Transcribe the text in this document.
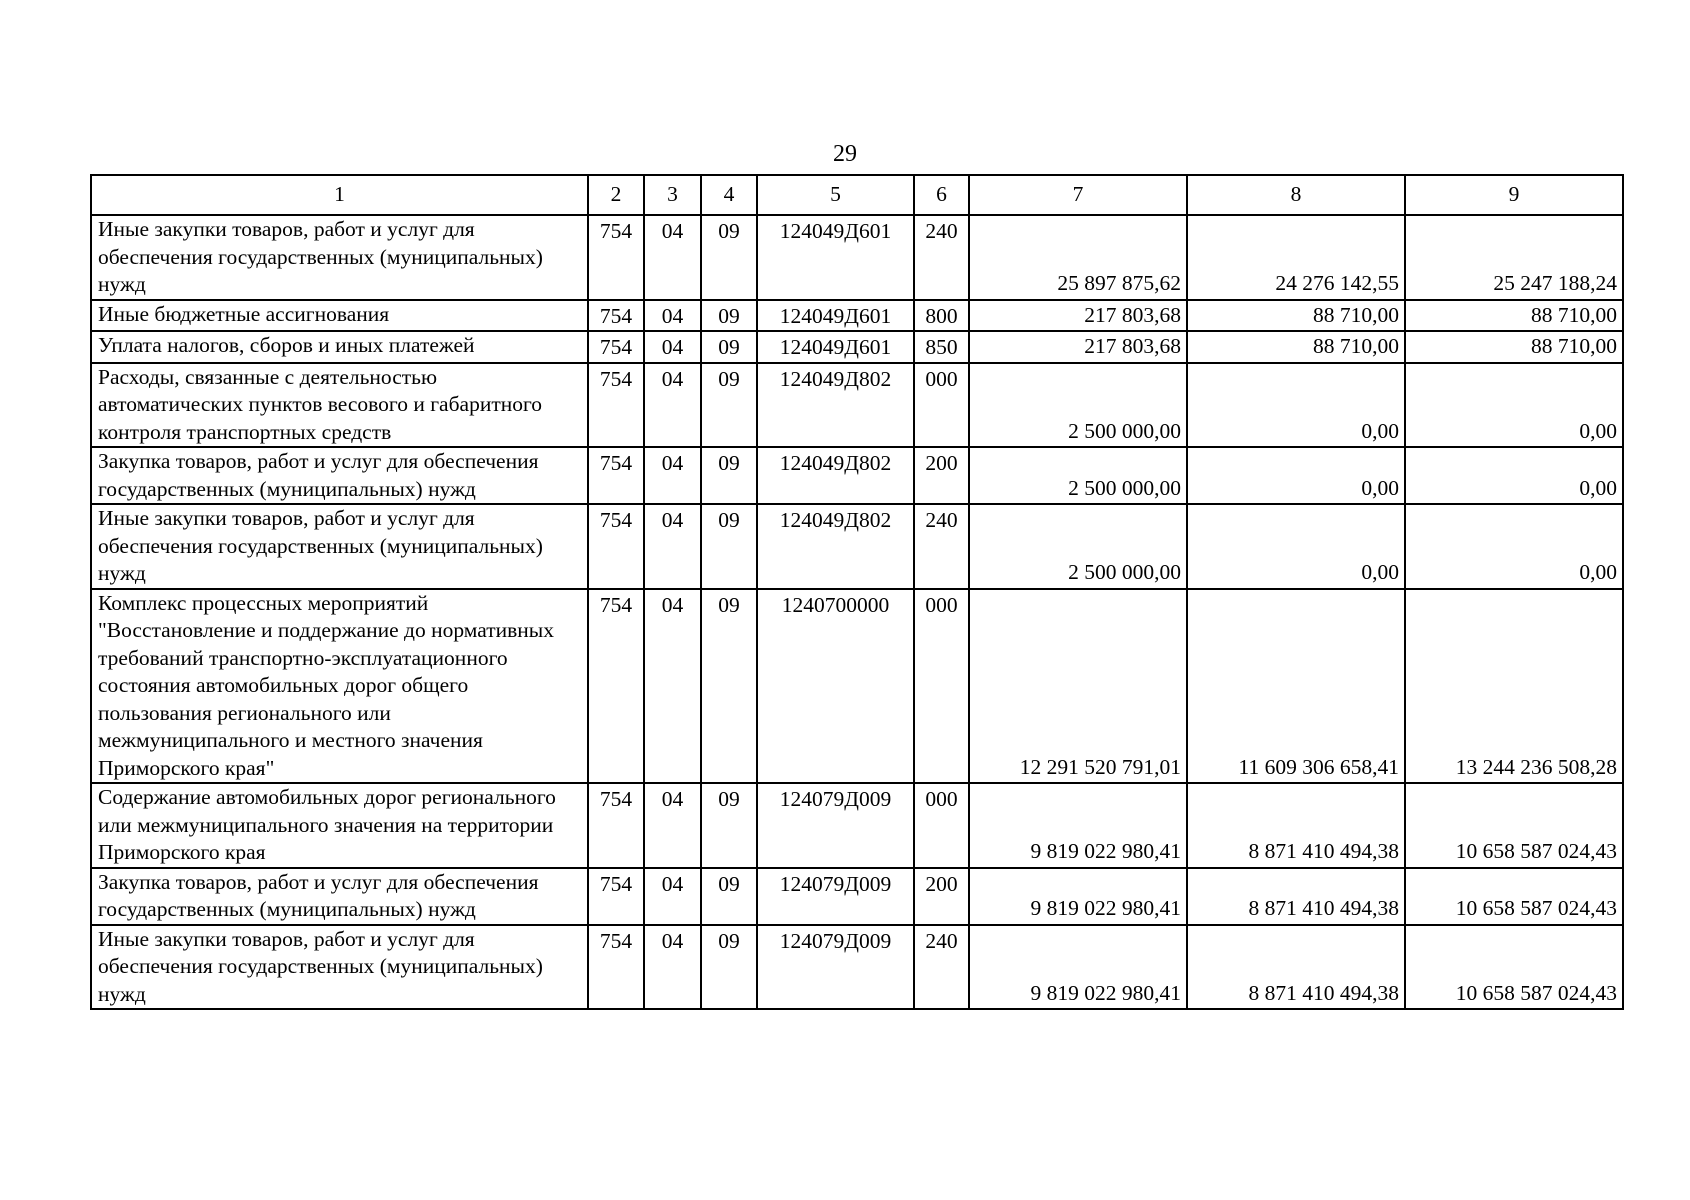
29
1	2	3	4	5	6	7	8	9
Иные закупки товаров, работ и услуг для обеспечения государственных (муниципальных) нужд	754	04	09	124049Д601	240	25 897 875,62	24 276 142,55	25 247 188,24
Иные бюджетные ассигнования	754	04	09	124049Д601	800	217 803,68	88 710,00	88 710,00
Уплата налогов, сборов и иных платежей	754	04	09	124049Д601	850	217 803,68	88 710,00	88 710,00
Расходы, связанные с деятельностью автоматических пунктов весового и габаритного контроля транспортных средств	754	04	09	124049Д802	000	2 500 000,00	0,00	0,00
Закупка товаров, работ и услуг для обеспечения государственных (муниципальных) нужд	754	04	09	124049Д802	200	2 500 000,00	0,00	0,00
Иные закупки товаров, работ и услуг для обеспечения государственных (муниципальных) нужд	754	04	09	124049Д802	240	2 500 000,00	0,00	0,00
Комплекс процессных мероприятий "Восстановление и поддержание до нормативных требований транспортно-эксплуатационного состояния автомобильных дорог общего пользования регионального или межмуниципального и местного значения Приморского края"	754	04	09	1240700000	000	12 291 520 791,01	11 609 306 658,41	13 244 236 508,28
Содержание автомобильных дорог регионального или межмуниципального значения на территории Приморского края	754	04	09	124079Д009	000	9 819 022 980,41	8 871 410 494,38	10 658 587 024,43
Закупка товаров, работ и услуг для обеспечения государственных (муниципальных) нужд	754	04	09	124079Д009	200	9 819 022 980,41	8 871 410 494,38	10 658 587 024,43
Иные закупки товаров, работ и услуг для обеспечения государственных (муниципальных) нужд	754	04	09	124079Д009	240	9 819 022 980,41	8 871 410 494,38	10 658 587 024,43
